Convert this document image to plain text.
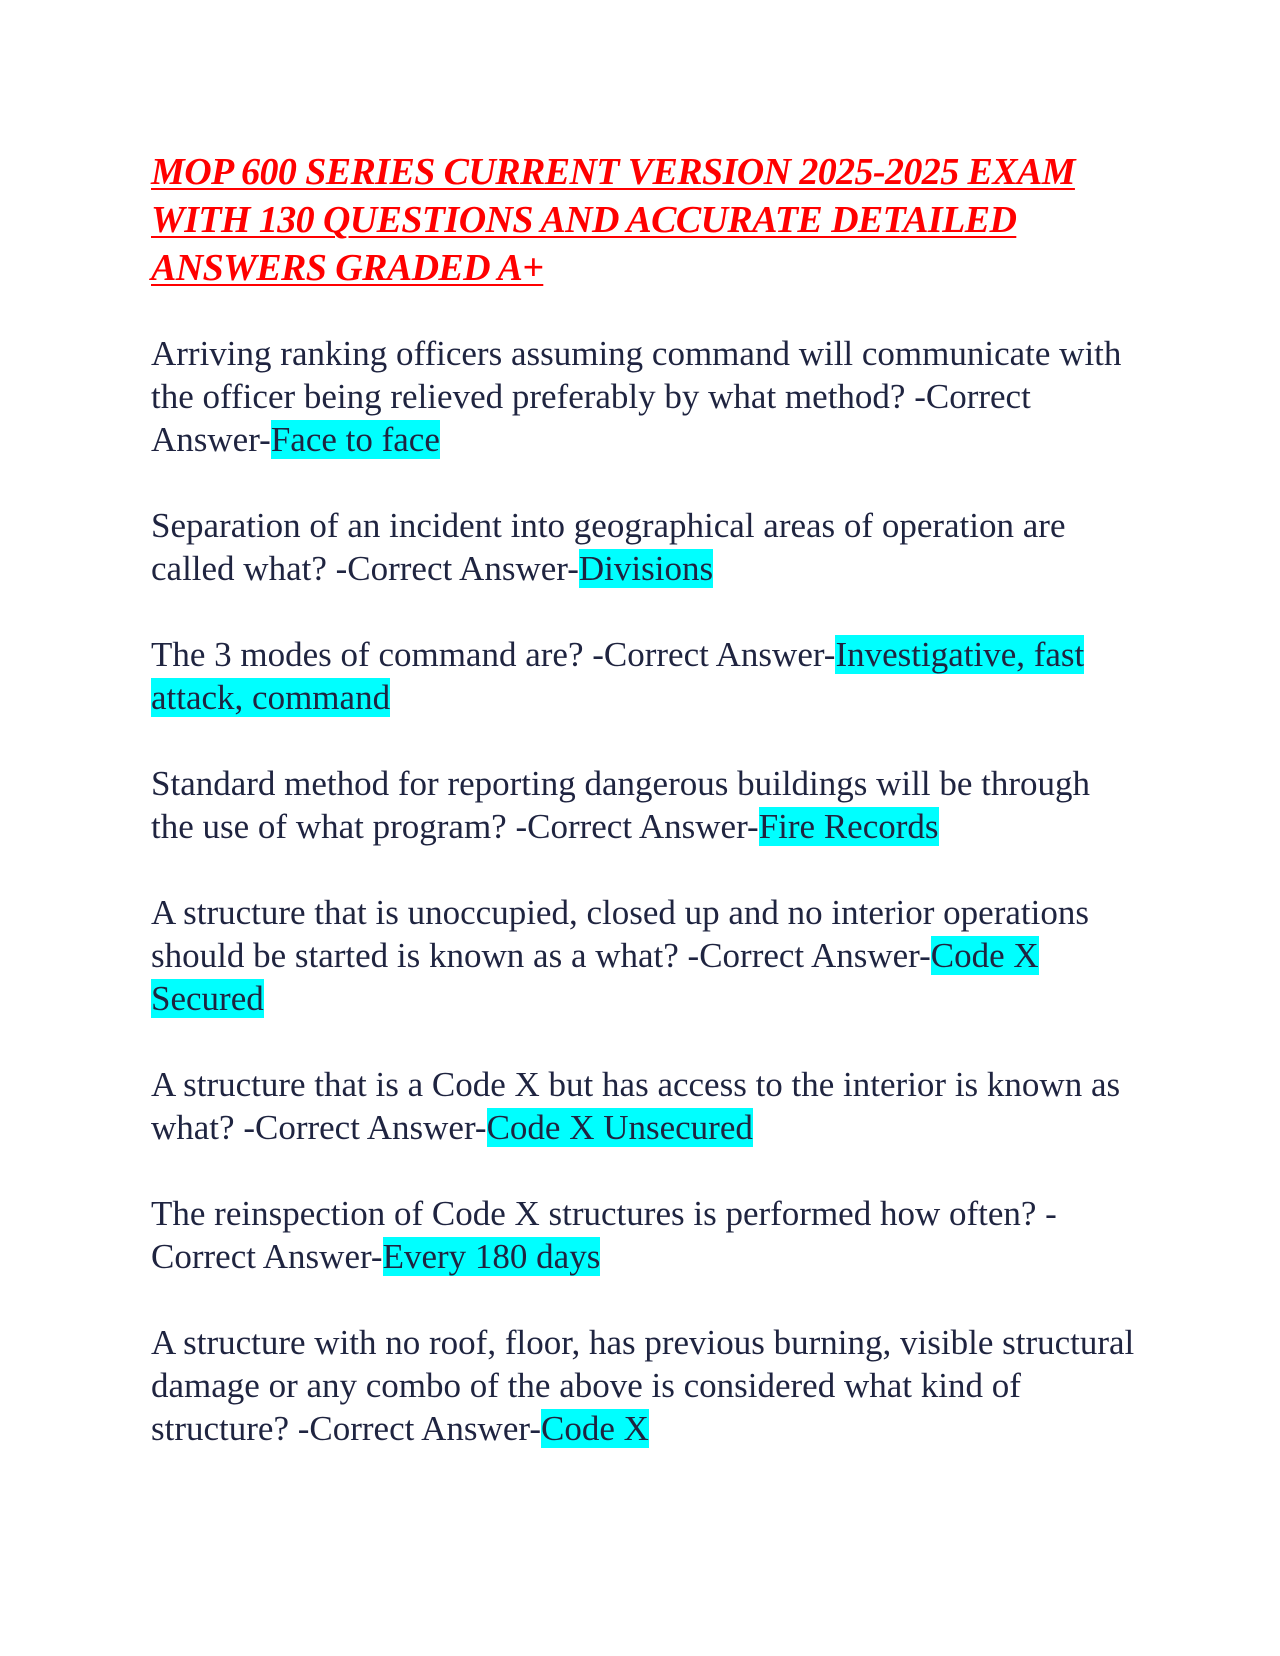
MOP 600 SERIES CURRENT VERSION 2025-2025 EXAM WITH 130 QUESTIONS AND ACCURATE DETAILED ANSWERS GRADED A+

Arriving ranking officers assuming command will communicate with the officer being relieved preferably by what method? -Correct Answer-Face to face

Separation of an incident into geographical areas of operation are called what? -Correct Answer-Divisions

The 3 modes of command are? -Correct Answer-Investigative, fast attack, command

Standard method for reporting dangerous buildings will be through the use of what program? -Correct Answer-Fire Records

A structure that is unoccupied, closed up and no interior operations should be started is known as a what? -Correct Answer-Code X Secured

A structure that is a Code X but has access to the interior is known as what? -Correct Answer-Code X Unsecured

The reinspection of Code X structures is performed how often? -Correct Answer-Every 180 days

A structure with no roof, floor, has previous burning, visible structural damage or any combo of the above is considered what kind of structure? -Correct Answer-Code X
